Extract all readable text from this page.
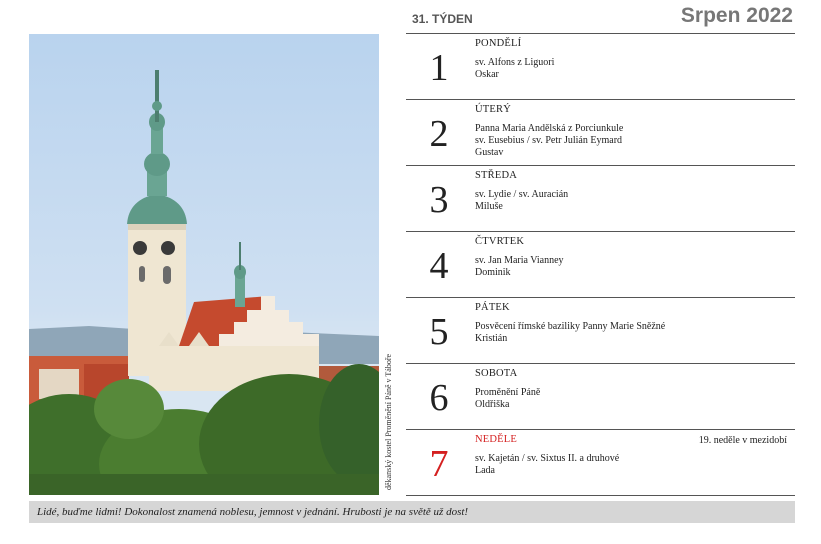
31. TÝDEN	Srpen 2022
děkanský kostel Proměnění Páně v Táboře
1
PONDĚLÍ
sv. Alfons z Liguori
Oskar
2
ÚTERÝ
Panna Maria Andělská z Porciunkule
sv. Eusebius / sv. Petr Julián Eymard
Gustav
3
STŘEDA
sv. Lydie / sv. Auracián
Miluše
4
ČTVRTEK
sv. Jan Maria Vianney
Dominik
5
PÁTEK
Posvěcení římské baziliky Panny Marie Sněžné
Kristián
6
SOBOTA
Proměnění Páně
Oldřiška
7
NEDĚLE	19. neděle v mezidobí
sv. Kajetán / sv. Sixtus II. a druhové
Lada
Lidé, buďme lidmi! Dokonalost znamená noblesu, jemnost v jednání. Hrubosti je na světě už dost!
